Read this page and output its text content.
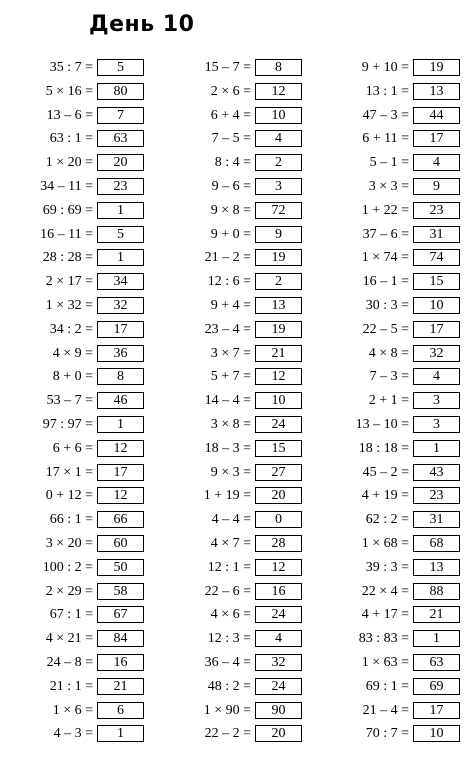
День 10
35 : 7 =	5
5 × 16 =	80
13 – 6 =	7
63 : 1 =	63
1 × 20 =	20
34 – 11 =	23
69 : 69 =	1
16 – 11 =	5
28 : 28 =	1
2 × 17 =	34
1 × 32 =	32
34 : 2 =	17
4 × 9 =	36
8 + 0 =	8
53 – 7 =	46
97 : 97 =	1
6 + 6 =	12
17 × 1 =	17
0 + 12 =	12
66 : 1 =	66
3 × 20 =	60
100 : 2 =	50
2 × 29 =	58
67 : 1 =	67
4 × 21 =	84
24 – 8 =	16
21 : 1 =	21
1 × 6 =	6
4 – 3 =	1
15 – 7 =	8
2 × 6 =	12
6 + 4 =	10
7 – 5 =	4
8 : 4 =	2
9 – 6 =	3
9 × 8 =	72
9 + 0 =	9
21 – 2 =	19
12 : 6 =	2
9 + 4 =	13
23 – 4 =	19
3 × 7 =	21
5 + 7 =	12
14 – 4 =	10
3 × 8 =	24
18 – 3 =	15
9 × 3 =	27
1 + 19 =	20
4 – 4 =	0
4 × 7 =	28
12 : 1 =	12
22 – 6 =	16
4 × 6 =	24
12 : 3 =	4
36 – 4 =	32
48 : 2 =	24
1 × 90 =	90
22 – 2 =	20
9 + 10 =	19
13 : 1 =	13
47 – 3 =	44
6 + 11 =	17
5 – 1 =	4
3 × 3 =	9
1 + 22 =	23
37 – 6 =	31
1 × 74 =	74
16 – 1 =	15
30 : 3 =	10
22 – 5 =	17
4 × 8 =	32
7 – 3 =	4
2 + 1 =	3
13 – 10 =	3
18 : 18 =	1
45 – 2 =	43
4 + 19 =	23
62 : 2 =	31
1 × 68 =	68
39 : 3 =	13
22 × 4 =	88
4 + 17 =	21
83 : 83 =	1
1 × 63 =	63
69 : 1 =	69
21 – 4 =	17
70 : 7 =	10
